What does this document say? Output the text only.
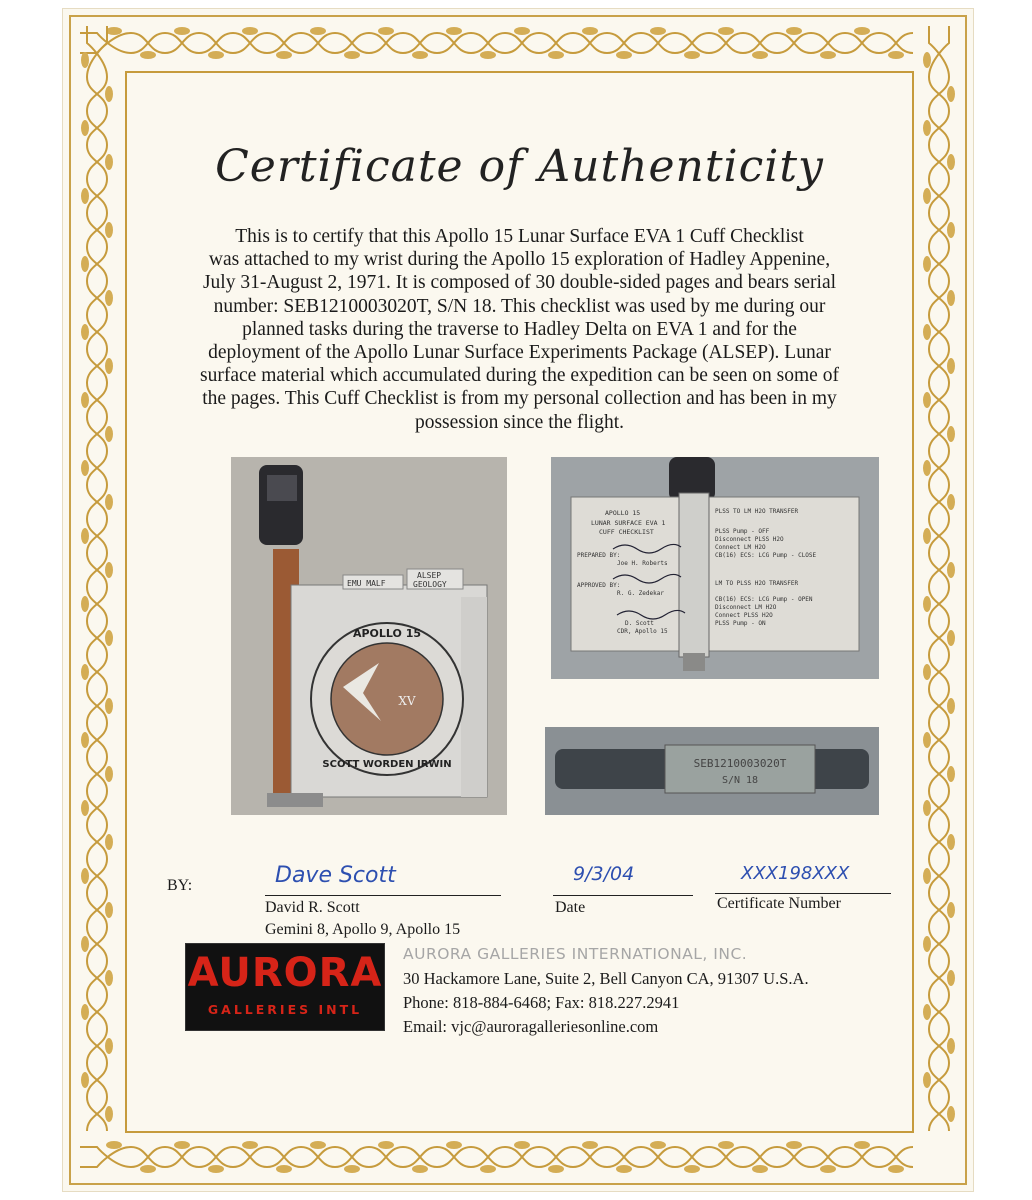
Certificate of Authenticity
This is to certify that this Apollo 15 Lunar Surface EVA 1 Cuff Checklist
was attached to my wrist during the Apollo 15 exploration of Hadley Appenine,
July 31-August 2, 1971. It is composed of 30 double-sided pages and bears serial
number: SEB1210003020T, S/N 18. This checklist was used by me during our
planned tasks during the traverse to Hadley Delta on EVA 1 and for the
deployment of the Apollo Lunar Surface Experiments Package (ALSEP). Lunar
surface material which accumulated during the expedition can be seen on some of
the pages. This Cuff Checklist is from my personal collection and has been in my
possession since the flight.
EMU MALF
ALSEP
GEOLOGY
APOLLO 15
SCOTT WORDEN IRWIN
XV
APOLLO 15
LUNAR SURFACE EVA 1
CUFF CHECKLIST
PREPARED BY:
Joe H. Roberts
APPROVED BY:
R. G. Zedekar
D. Scott
CDR, Apollo 15
PLSS TO LM H2O TRANSFER
PLSS Pump - OFF
Disconnect PLSS H2O
Connect LM H2O
CB(16) ECS: LCG Pump - CLOSE
LM TO PLSS H2O TRANSFER
CB(16) ECS: LCG Pump - OPEN
Disconnect LM H2O
Connect PLSS H2O
PLSS Pump - ON
SEB1210003020T
S/N 18
BY:	Dave Scott
David R. Scott
Gemini 8, Apollo 9, Apollo 15
9/3/04
Date
XXX198XXX
Certificate Number
AURORA
GALLERIES INTL
AURORA GALLERIES INTERNATIONAL, INC.
30 Hackamore Lane, Suite 2, Bell Canyon CA, 91307 U.S.A.
Phone: 818-884-6468; Fax: 818.227.2941
Email: vjc@auroragalleriesonline.com
